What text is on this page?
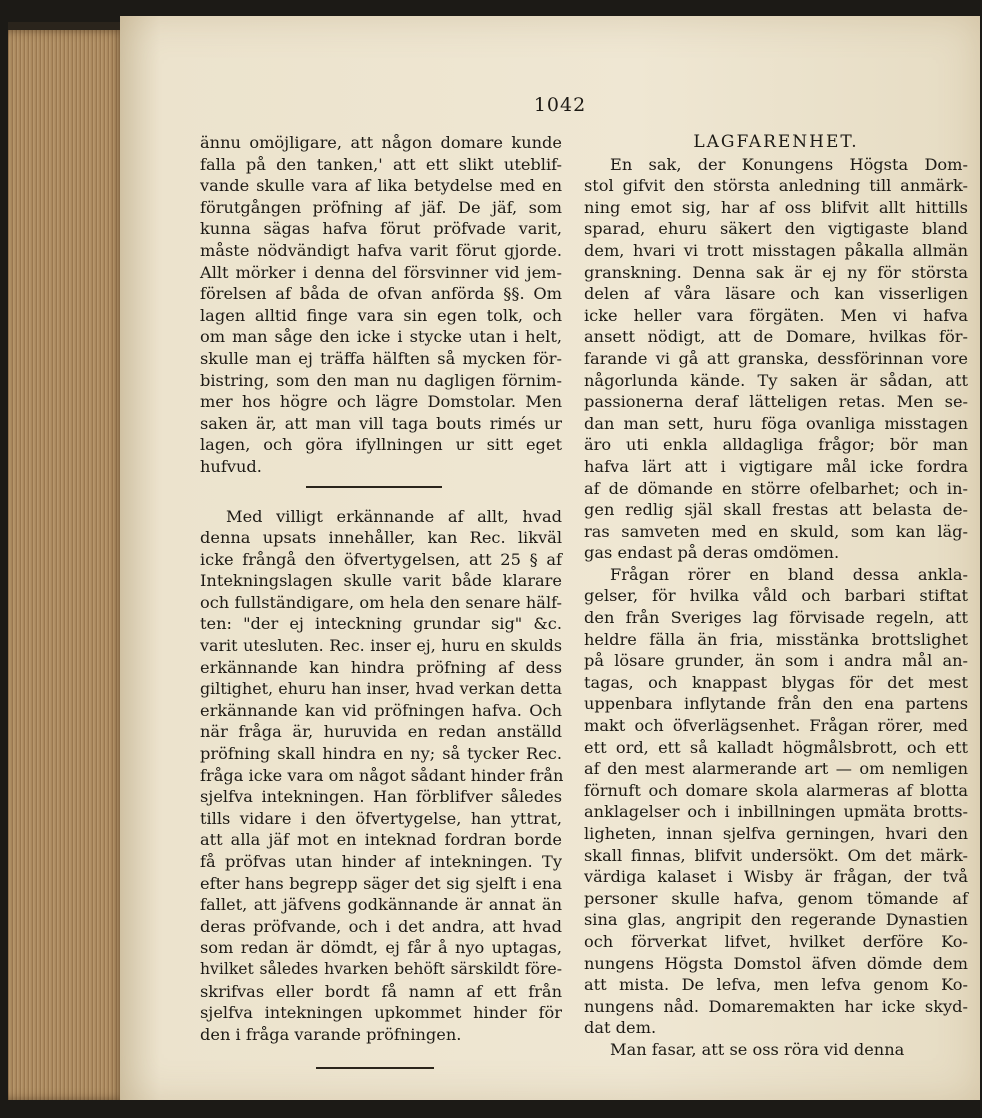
1042
ännu omöjligare, att någon domare kunde
falla på den tanken,' att ett slikt uteblif-
vande skulle vara af lika betydelse med en
förutgången pröfning af jäf. De jäf, som
kunna sägas hafva förut pröfvade varit,
måste nödvändigt hafva varit förut gjorde.
Allt mörker i denna del försvinner vid jem-
förelsen af båda de ofvan anförda §§. Om
lagen alltid finge vara sin egen tolk, och
om man såge den icke i stycke utan i helt,
skulle man ej träffa hälften så mycken för-
bistring, som den man nu dagligen förnim-
mer hos högre och lägre Domstolar. Men
saken är, att man vill taga bouts rimés ur
lagen, och göra ifyllningen ur sitt eget
hufvud.
Med villigt erkännande af allt, hvad
denna upsats innehåller, kan Rec. likväl
icke frångå den öfvertygelsen, att 25 § af
Intekningslagen skulle varit både klarare
och fullständigare, om hela den senare hälf-
ten: "der ej inteckning grundar sig" &c.
varit utesluten. Rec. inser ej, huru en skulds
erkännande kan hindra pröfning af dess
giltighet, ehuru han inser, hvad verkan detta
erkännande kan vid pröfningen hafva. Och
när fråga är, huruvida en redan anställd
pröfning skall hindra en ny; så tycker Rec.
fråga icke vara om något sådant hinder från
sjelfva intekningen. Han förblifver således
tills vidare i den öfvertygelse, han yttrat,
att alla jäf mot en inteknad fordran borde
få pröfvas utan hinder af intekningen. Ty
efter hans begrepp säger det sig sjelft i ena
fallet, att jäfvens godkännande är annat än
deras pröfvande, och i det andra, att hvad
som redan är dömdt, ej får å nyo uptagas,
hvilket således hvarken behöft särskildt före-
skrifvas eller bordt få namn af ett från
sjelfva intekningen upkommet hinder för
den i fråga varande pröfningen.
LAGFARENHET.
En sak, der Konungens Högsta Dom-
stol gifvit den största anledning till anmärk-
ning emot sig, har af oss blifvit allt hittills
sparad, ehuru säkert den vigtigaste bland
dem, hvari vi trott misstagen påkalla allmän
granskning. Denna sak är ej ny för största
delen af våra läsare och kan visserligen
icke heller vara förgäten. Men vi hafva
ansett nödigt, att de Domare, hvilkas för-
farande vi gå att granska, dessförinnan vore
någorlunda kände. Ty saken är sådan, att
passionerna deraf lätteligen retas. Men se-
dan man sett, huru föga ovanliga misstagen
äro uti enkla alldagliga frågor; bör man
hafva lärt att i vigtigare mål icke fordra
af de dömande en större ofelbarhet; och in-
gen redlig själ skall frestas att belasta de-
ras samveten med en skuld, som kan läg-
gas endast på deras omdömen.
Frågan rörer en bland dessa ankla-
gelser, för hvilka våld och barbari stiftat
den från Sveriges lag förvisade regeln, att
heldre fälla än fria, misstänka brottslighet
på lösare grunder, än som i andra mål an-
tagas, och knappast blygas för det mest
uppenbara inflytande från den ena partens
makt och öfverlägsenhet. Frågan rörer, med
ett ord, ett så kalladt högmålsbrott, och ett
af den mest alarmerande art — om nemligen
förnuft och domare skola alarmeras af blotta
anklagelser och i inbillningen upmäta brotts-
ligheten, innan sjelfva gerningen, hvari den
skall finnas, blifvit undersökt. Om det märk-
värdiga kalaset i Wisby är frågan, der två
personer skulle hafva, genom tömande af
sina glas, angripit den regerande Dynastien
och förverkat lifvet, hvilket derföre Ko-
nungens Högsta Domstol äfven dömde dem
att mista. De lefva, men lefva genom Ko-
nungens nåd. Domaremakten har icke skyd-
dat dem.
Man fasar, att se oss röra vid denna
